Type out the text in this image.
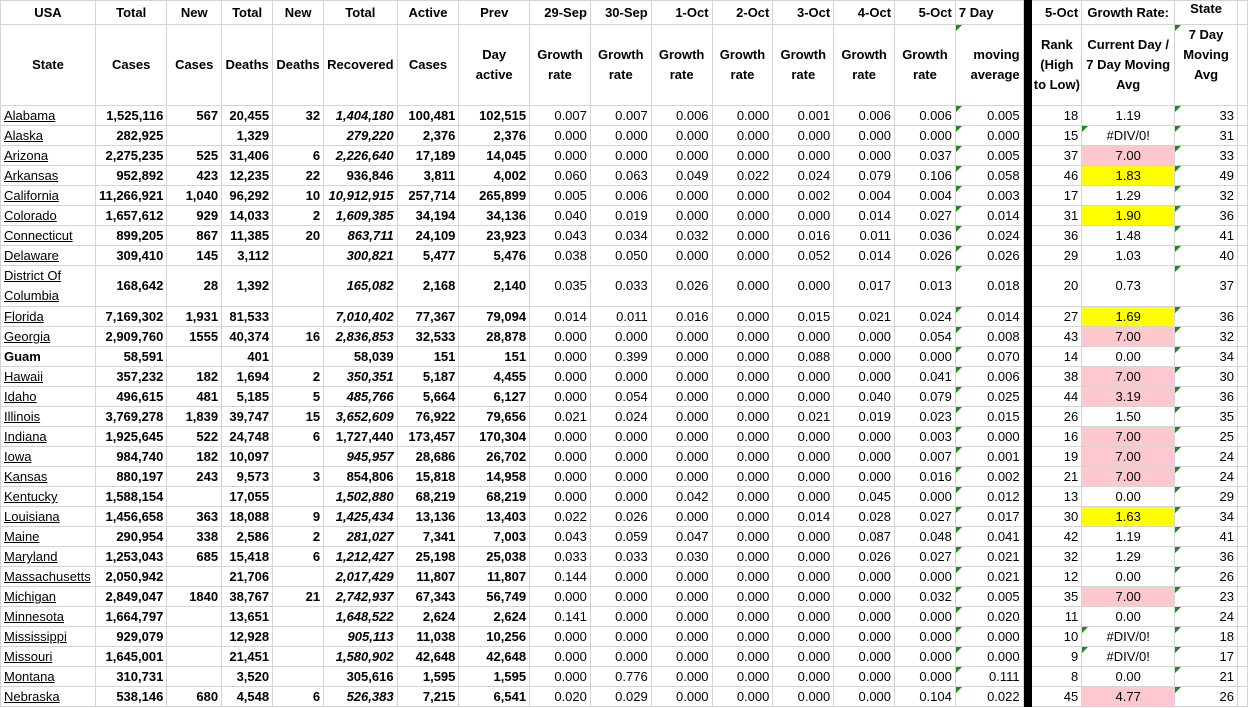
USA	Total	New	Total	New	Total	Active	Prev	29-Sep	30-Sep	1-Oct	2-Oct	3-Oct	4-Oct	5-Oct	7 Day		5-Oct	Growth Rate:	State	
State	Cases	Cases	Deaths	Deaths	Recovered	Cases	Day active	Growth rate	Growth rate	Growth rate	Growth rate	Growth rate	Growth rate	Growth rate	moving average		Rank (High to Low)	Current Day / 7 Day Moving Avg	7 Day Moving Avg	
Alabama	1,525,116	567	20,455	32	1,404,180	100,481	102,515	0.007	0.007	0.006	0.000	0.001	0.006	0.006	0.005		18	1.19	33	
Alaska	282,925		1,329		279,220	2,376	2,376	0.000	0.000	0.000	0.000	0.000	0.000	0.000	0.000		15	#DIV/0!	31	
Arizona	2,275,235	525	31,406	6	2,226,640	17,189	14,045	0.000	0.000	0.000	0.000	0.000	0.000	0.037	0.005		37	7.00	33	
Arkansas	952,892	423	12,235	22	936,846	3,811	4,002	0.060	0.063	0.049	0.022	0.024	0.079	0.106	0.058		46	1.83	49	
California	11,266,921	1,040	96,292	10	10,912,915	257,714	265,899	0.005	0.006	0.000	0.000	0.002	0.004	0.004	0.003		17	1.29	32	
Colorado	1,657,612	929	14,033	2	1,609,385	34,194	34,136	0.040	0.019	0.000	0.000	0.000	0.014	0.027	0.014		31	1.90	36	
Connecticut	899,205	867	11,385	20	863,711	24,109	23,923	0.043	0.034	0.032	0.000	0.016	0.011	0.036	0.024		36	1.48	41	
Delaware	309,410	145	3,112		300,821	5,477	5,476	0.038	0.050	0.000	0.000	0.052	0.014	0.026	0.026		29	1.03	40	
District Of Columbia	168,642	28	1,392		165,082	2,168	2,140	0.035	0.033	0.026	0.000	0.000	0.017	0.013	0.018		20	0.73	37	
Florida	7,169,302	1,931	81,533		7,010,402	77,367	79,094	0.014	0.011	0.016	0.000	0.015	0.021	0.024	0.014		27	1.69	36	
Georgia	2,909,760	1555	40,374	16	2,836,853	32,533	28,878	0.000	0.000	0.000	0.000	0.000	0.000	0.054	0.008		43	7.00	32	
Guam	58,591		401		58,039	151	151	0.000	0.399	0.000	0.000	0.088	0.000	0.000	0.070		14	0.00	34	
Hawaii	357,232	182	1,694	2	350,351	5,187	4,455	0.000	0.000	0.000	0.000	0.000	0.000	0.041	0.006		38	7.00	30	
Idaho	496,615	481	5,185	5	485,766	5,664	6,127	0.000	0.054	0.000	0.000	0.000	0.040	0.079	0.025		44	3.19	36	
Illinois	3,769,278	1,839	39,747	15	3,652,609	76,922	79,656	0.021	0.024	0.000	0.000	0.021	0.019	0.023	0.015		26	1.50	35	
Indiana	1,925,645	522	24,748	6	1,727,440	173,457	170,304	0.000	0.000	0.000	0.000	0.000	0.000	0.003	0.000		16	7.00	25	
Iowa	984,740	182	10,097		945,957	28,686	26,702	0.000	0.000	0.000	0.000	0.000	0.000	0.007	0.001		19	7.00	24	
Kansas	880,197	243	9,573	3	854,806	15,818	14,958	0.000	0.000	0.000	0.000	0.000	0.000	0.016	0.002		21	7.00	24	
Kentucky	1,588,154		17,055		1,502,880	68,219	68,219	0.000	0.000	0.042	0.000	0.000	0.045	0.000	0.012		13	0.00	29	
Louisiana	1,456,658	363	18,088	9	1,425,434	13,136	13,403	0.022	0.026	0.000	0.000	0.014	0.028	0.027	0.017		30	1.63	34	
Maine	290,954	338	2,586	2	281,027	7,341	7,003	0.043	0.059	0.047	0.000	0.000	0.087	0.048	0.041		42	1.19	41	
Maryland	1,253,043	685	15,418	6	1,212,427	25,198	25,038	0.033	0.033	0.030	0.000	0.000	0.026	0.027	0.021		32	1.29	36	
Massachusetts	2,050,942		21,706		2,017,429	11,807	11,807	0.144	0.000	0.000	0.000	0.000	0.000	0.000	0.021		12	0.00	26	
Michigan	2,849,047	1840	38,767	21	2,742,937	67,343	56,749	0.000	0.000	0.000	0.000	0.000	0.000	0.032	0.005		35	7.00	23	
Minnesota	1,664,797		13,651		1,648,522	2,624	2,624	0.141	0.000	0.000	0.000	0.000	0.000	0.000	0.020		11	0.00	24	
Mississippi	929,079		12,928		905,113	11,038	10,256	0.000	0.000	0.000	0.000	0.000	0.000	0.000	0.000		10	#DIV/0!	18	
Missouri	1,645,001		21,451		1,580,902	42,648	42,648	0.000	0.000	0.000	0.000	0.000	0.000	0.000	0.000		9	#DIV/0!	17	
Montana	310,731		3,520		305,616	1,595	1,595	0.000	0.776	0.000	0.000	0.000	0.000	0.000	0.111		8	0.00	21	
Nebraska	538,146	680	4,548	6	526,383	7,215	6,541	0.020	0.029	0.000	0.000	0.000	0.000	0.104	0.022		45	4.77	26	
